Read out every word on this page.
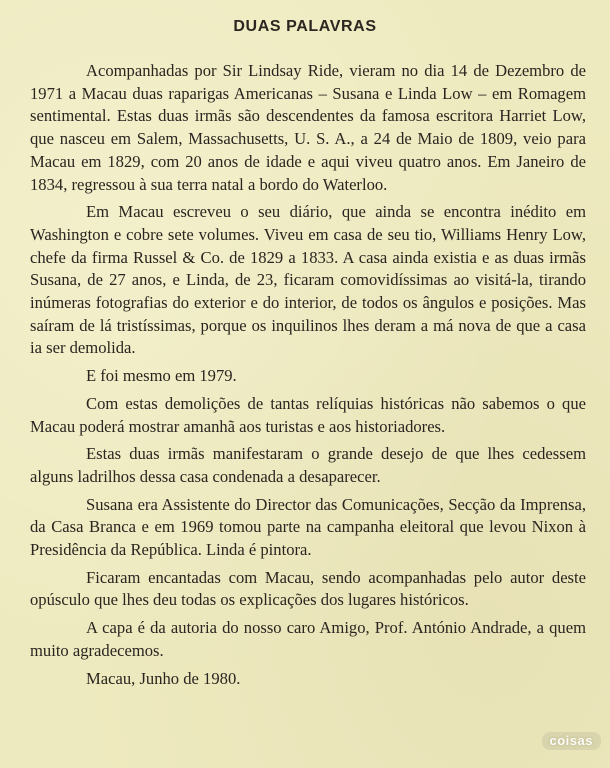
DUAS PALAVRAS

Acompanhadas por Sir Lindsay Ride, vieram no dia 14 de Dezembro de 1971 a Macau duas raparigas Americanas – Susana e Linda Low – em Romagem sentimental. Estas duas irmãs são descendentes da famosa escritora Harriet Low, que nasceu em Salem, Massachusetts, U. S. A., a 24 de Maio de 1809, veio para Macau em 1829, com 20 anos de idade e aqui viveu quatro anos. Em Janeiro de 1834, regressou à sua terra natal a bordo do Waterloo.

Em Macau escreveu o seu diário, que ainda se encontra inédito em Washington e cobre sete volumes. Viveu em casa de seu tio, Williams Henry Low, chefe da firma Russel & Co. de 1829 a 1833. A casa ainda existia e as duas irmãs Susana, de 27 anos, e Linda, de 23, ficaram comovidíssimas ao visitá-la, tirando inúmeras fotografias do exterior e do interior, de todos os ângulos e posições. Mas saíram de lá tristíssimas, porque os inquilinos lhes deram a má nova de que a casa ia ser demolida.

E foi mesmo em 1979.

Com estas demolições de tantas relíquias históricas não sabemos o que Macau poderá mostrar amanhã aos turistas e aos historiadores.

Estas duas irmãs manifestaram o grande desejo de que lhes cedessem alguns ladrilhos dessa casa condenada a desaparecer.

Susana era Assistente do Director das Comunicações, Secção da Imprensa, da Casa Branca e em 1969 tomou parte na campanha eleitoral que levou Nixon à Presidência da República. Linda é pintora.

Ficaram encantadas com Macau, sendo acompanhadas pelo autor deste opúsculo que lhes deu todas os explicações dos lugares históricos.

A capa é da autoria do nosso caro Amigo, Prof. António Andrade, a quem muito agradecemos.

Macau, Junho de 1980.

coisas
